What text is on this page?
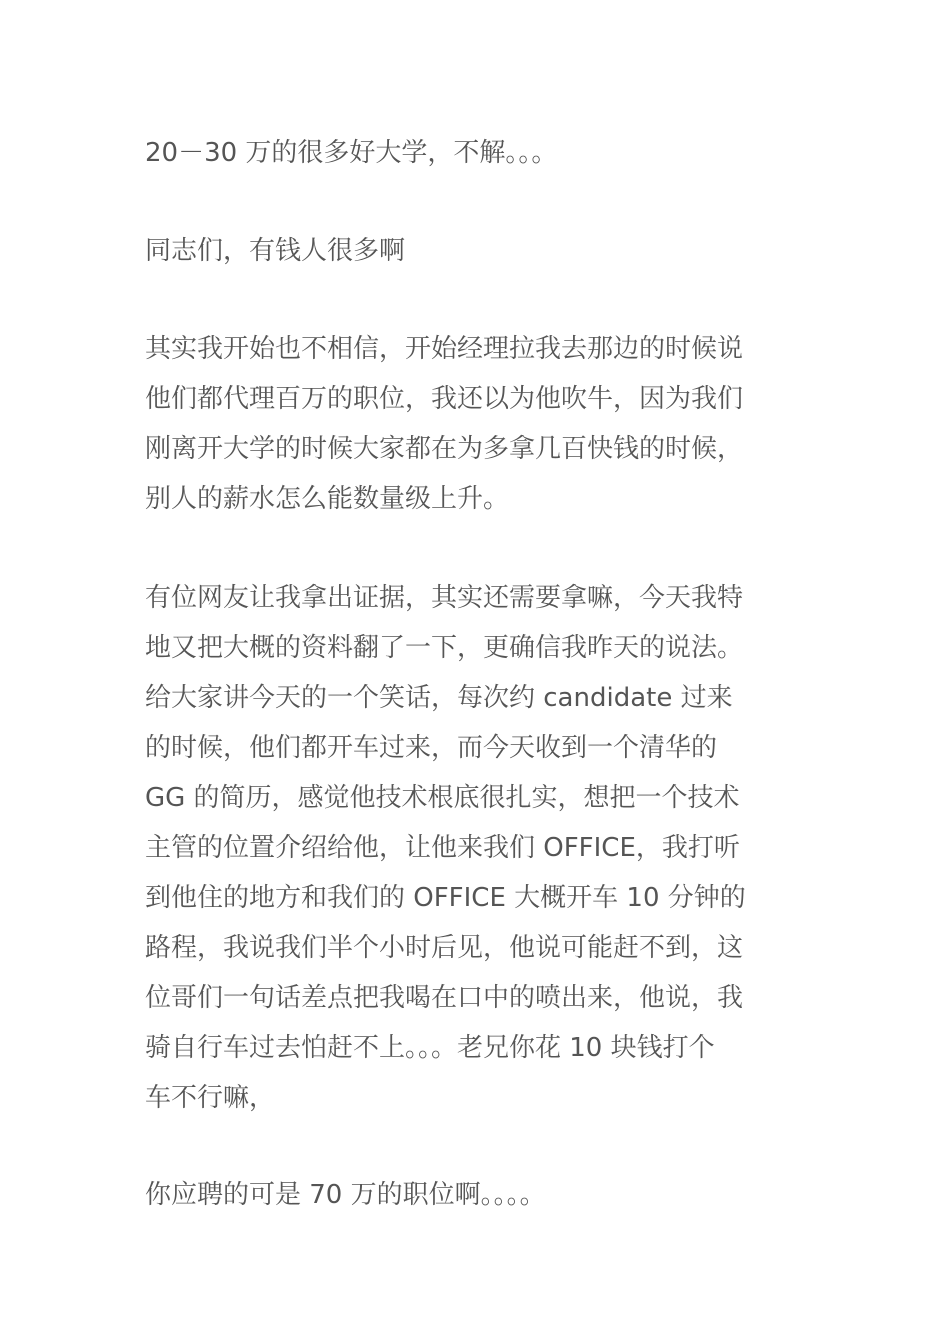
20－30 万的很多好大学，不解。。。
同志们，有钱人很多啊
其实我开始也不相信，开始经理拉我去那边的时候说
他们都代理百万的职位，我还以为他吹牛，因为我们
刚离开大学的时候大家都在为多拿几百快钱的时候，
别人的薪水怎么能数量级上升。
有位网友让我拿出证据，其实还需要拿嘛，今天我特
地又把大概的资料翻了一下，更确信我昨天的说法。
给大家讲今天的一个笑话，每次约 candidate 过来
的时候，他们都开车过来，而今天收到一个清华的
GG 的简历，感觉他技术根底很扎实，想把一个技术
主管的位置介绍给他，让他来我们 OFFICE，我打听
到他住的地方和我们的 OFFICE 大概开车 10 分钟的
路程，我说我们半个小时后见，他说可能赶不到，这
位哥们一句话差点把我喝在口中的喷出来，他说，我
骑自行车过去怕赶不上。。。老兄你花 10 块钱打个
车不行嘛，
你应聘的可是 70 万的职位啊。。。。
